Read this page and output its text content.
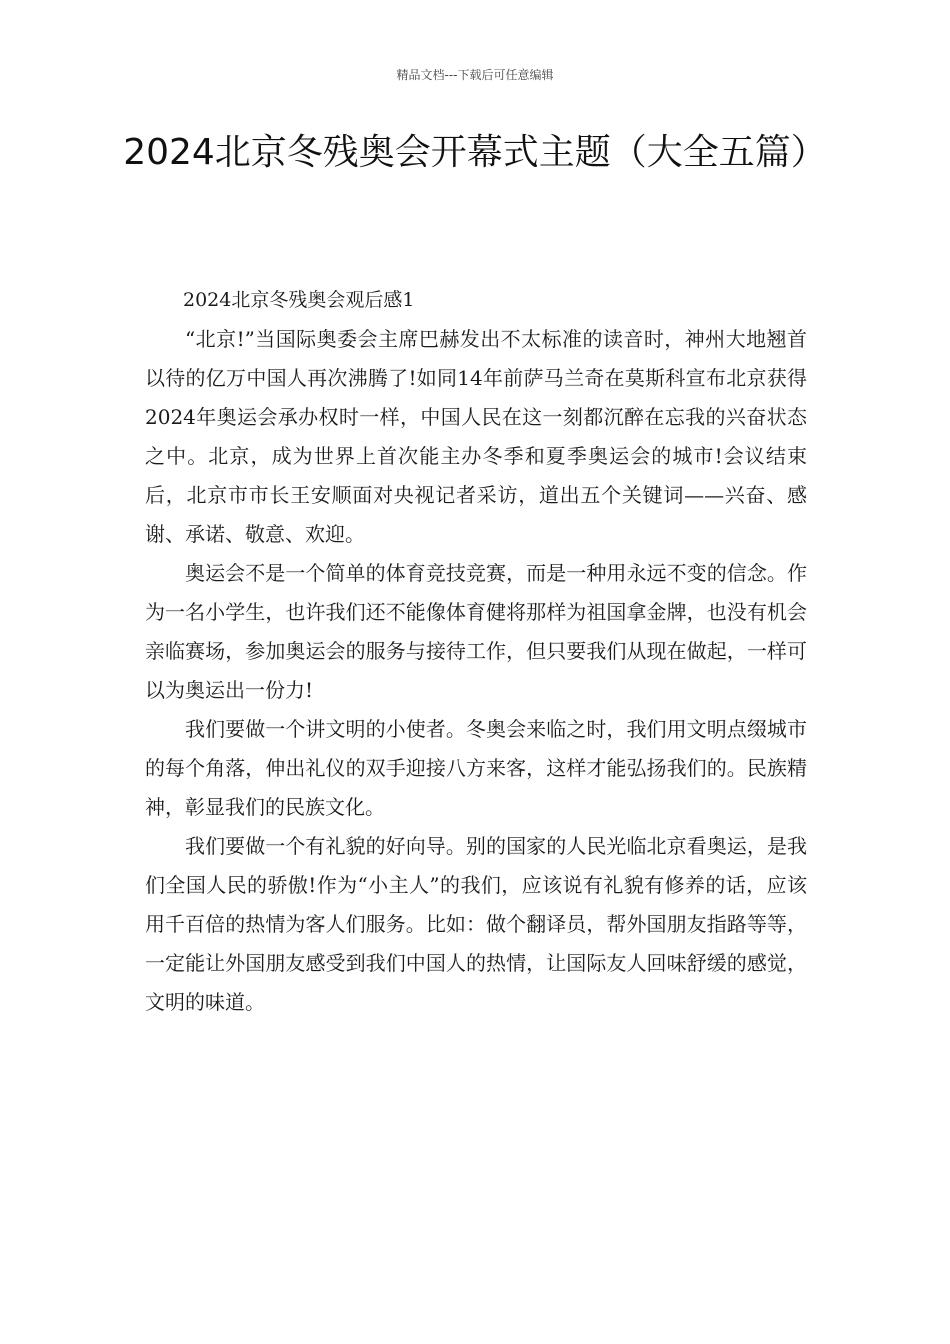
精品文档---下载后可任意编辑
2024北京冬残奥会开幕式主题（大全五篇）

2024北京冬残奥会观后感1

“北京!”当国际奥委会主席巴赫发出不太标准的读音时，神州大地翘首以待的亿万中国人再次沸腾了!如同14年前萨马兰奇在莫斯科宣布北京获得2024年奥运会承办权时一样，中国人民在这一刻都沉醉在忘我的兴奋状态之中。北京，成为世界上首次能主办冬季和夏季奥运会的城市!会议结束后，北京市市长王安顺面对央视记者采访，道出五个关键词——兴奋、感谢、承诺、敬意、欢迎。

奥运会不是一个简单的体育竞技竞赛，而是一种用永远不变的信念。作为一名小学生，也许我们还不能像体育健将那样为祖国拿金牌，也没有机会亲临赛场，参加奥运会的服务与接待工作，但只要我们从现在做起，一样可以为奥运出一份力!

我们要做一个讲文明的小使者。冬奥会来临之时，我们用文明点缀城市的每个角落，伸出礼仪的双手迎接八方来客，这样才能弘扬我们的。民族精神，彰显我们的民族文化。

我们要做一个有礼貌的好向导。别的国家的人民光临北京看奥运，是我们全国人民的骄傲!作为“小主人”的我们，应该说有礼貌有修养的话，应该用千百倍的热情为客人们服务。比如：做个翻译员，帮外国朋友指路等等，一定能让外国朋友感受到我们中国人的热情，让国际友人回味舒缓的感觉，文明的味道。
